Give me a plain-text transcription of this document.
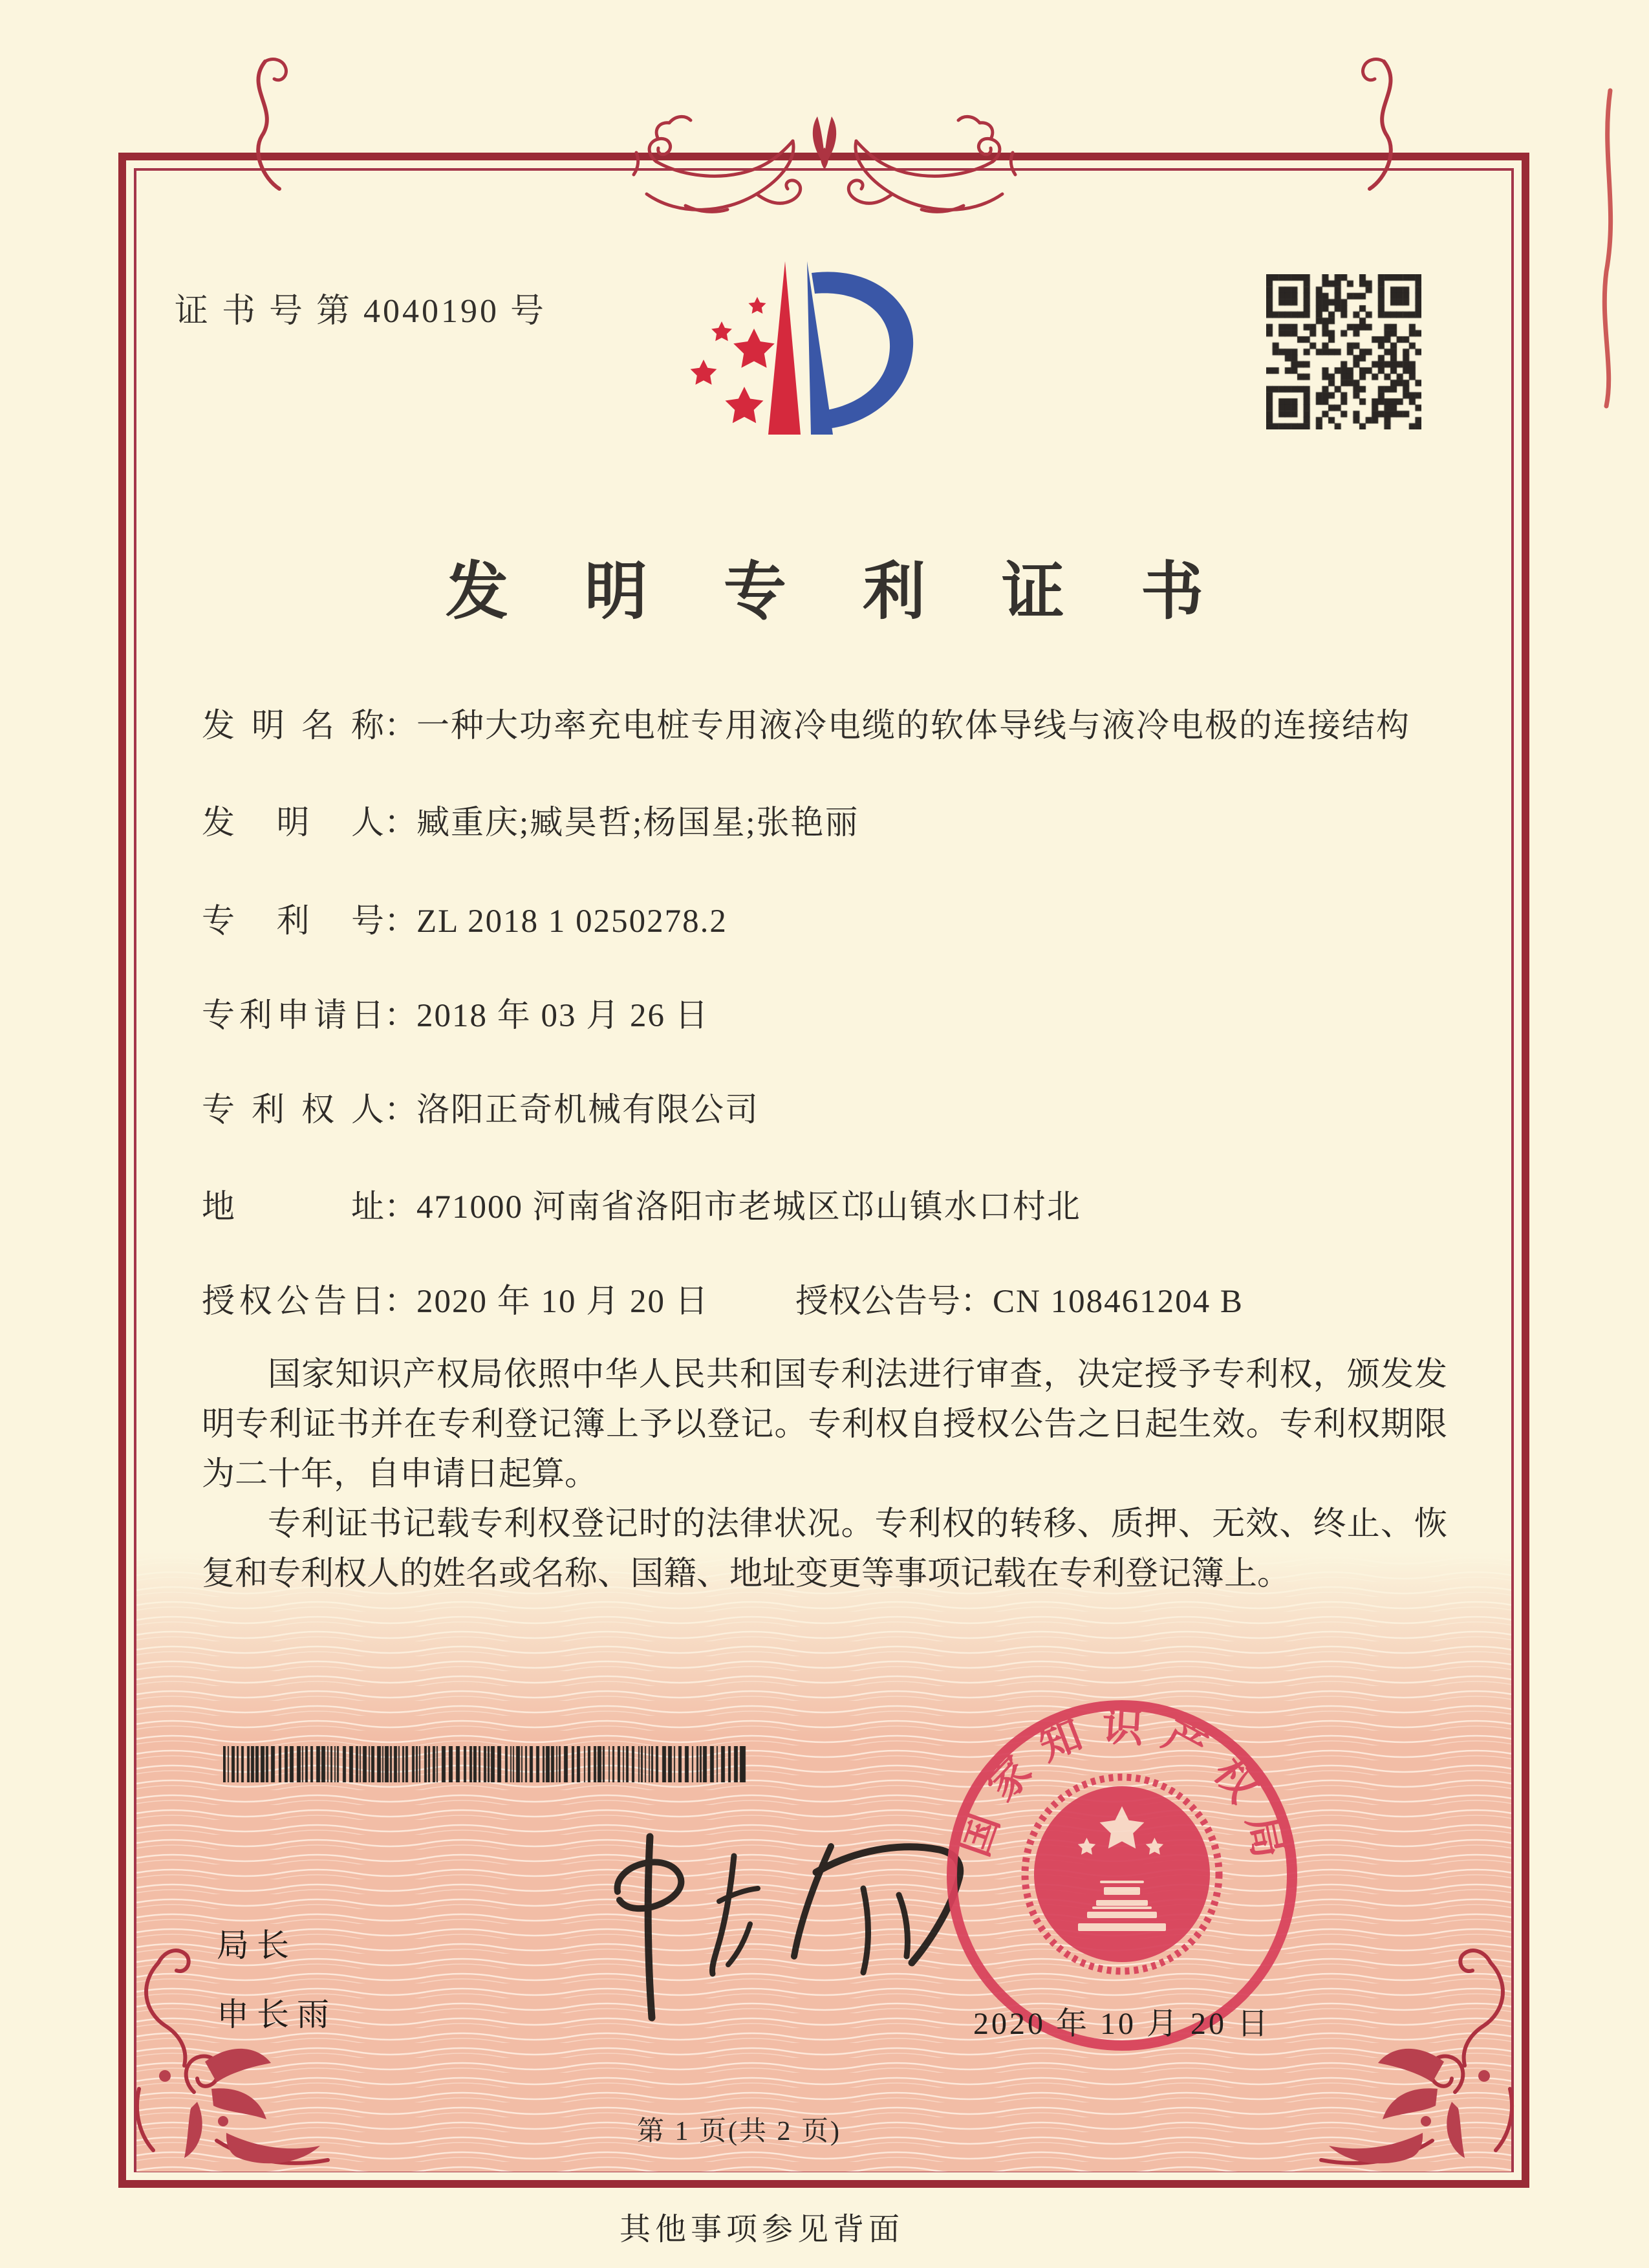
证 书 号 第 4040190 号
发明专利证书
发明名称：一种大功率充电桩专用液冷电缆的软体导线与液冷电极的连接结构
发明人：臧重庆;臧昊哲;杨国星;张艳丽
专利号：ZL 2018 1 0250278.2
专利申请日：2018 年 03 月 26 日
专利权人：洛阳正奇机械有限公司
地址：471000 河南省洛阳市老城区邙山镇水口村北
授权公告日：2020 年 10 月 20 日	授权公告号：CN 108461204 B

国家知识产权局依照中华人民共和国专利法进行审查，决定授予专利权，颁发发明专利证书并在专利登记簿上予以登记。专利权自授权公告之日起生效。专利权期限为二十年，自申请日起算。

专利证书记载专利权登记时的法律状况。专利权的转移、质押、无效、终止、恢复和专利权人的姓名或名称、国籍、地址变更等事项记载在专利登记簿上。

局长
申长雨
国家知识产权局
2020 年 10 月 20 日
第 1 页(共 2 页)
其他事项参见背面
